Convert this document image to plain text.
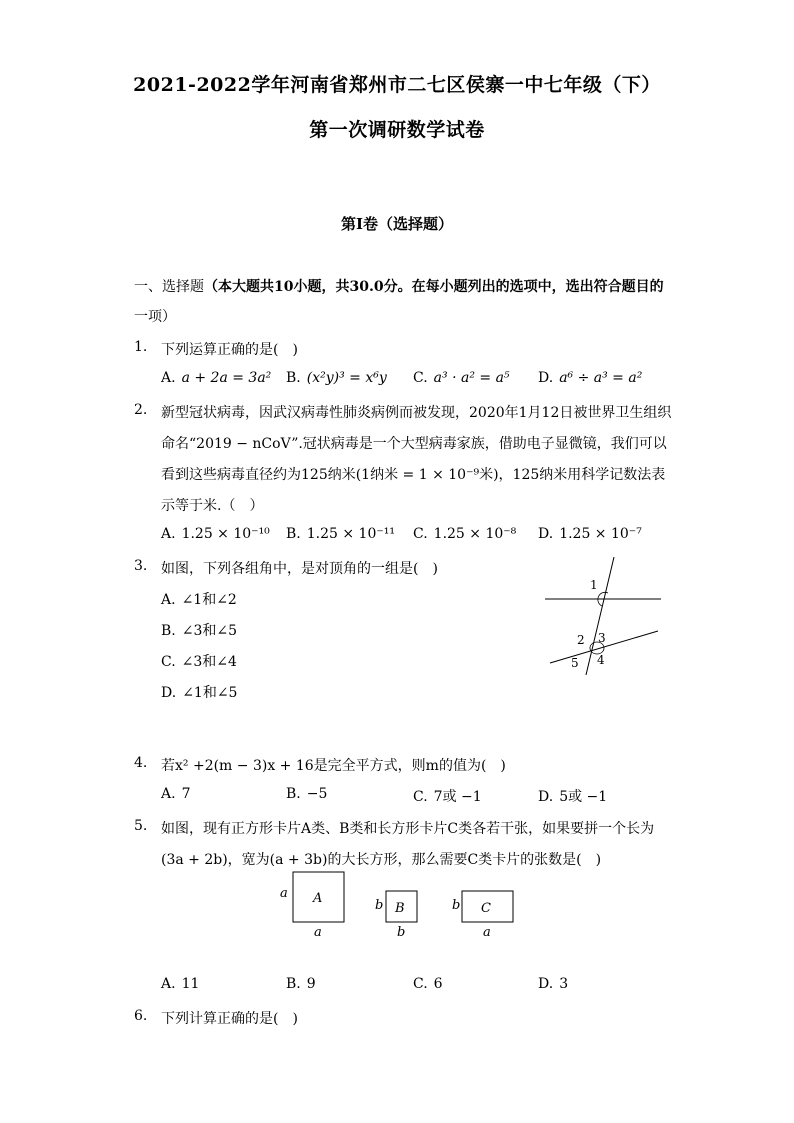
2021-2022学年河南省郑州市二七区侯寨一中七年级（下）
第一次调研数学试卷
第I卷（选择题）
一、选择题（本大题共10小题，共30.0分。在每小题列出的选项中，选出符合题目的
一项）
1. 下列运算正确的是(　)
A. a + 2a = 3a² B. (x²y)³ = x⁶y C. a³ · a² = a⁵ D. a⁶ ÷ a³ = a²
2. 新型冠状病毒，因武汉病毒性肺炎病例而被发现，2020年1月12日被世界卫生组织
命名“2019 − nCoV”.冠状病毒是一个大型病毒家族，借助电子显微镜，我们可以
看到这些病毒直径约为125纳米(1纳米 = 1 × 10⁻⁹米)，125纳米用科学记数法表
示等于米.（　）
A. 1.25 × 10⁻¹⁰ B. 1.25 × 10⁻¹¹ C. 1.25 × 10⁻⁸ D. 1.25 × 10⁻⁷
3. 如图，下列各组角中，是对顶角的一组是(　)
A. ∠1和∠2
B. ∠3和∠5
C. ∠3和∠4
D. ∠1和∠5
1
2 3
4
5
4. 若x² +2(m − 3)x + 16是完全平方式，则m的值为(　)
A. 7	B. −5	C. 7或 −1	D. 5或 −1
5. 如图，现有正方形卡片A类、B类和长方形卡片C类各若干张，如果要拼一个长为
(3a + 2b)，宽为(a + 3b)的大长方形，那么需要C类卡片的张数是(　)
A
a
a
B
b
b
C
b
a
A. 11	B. 9	C. 6	D. 3
6. 下列计算正确的是(　)
